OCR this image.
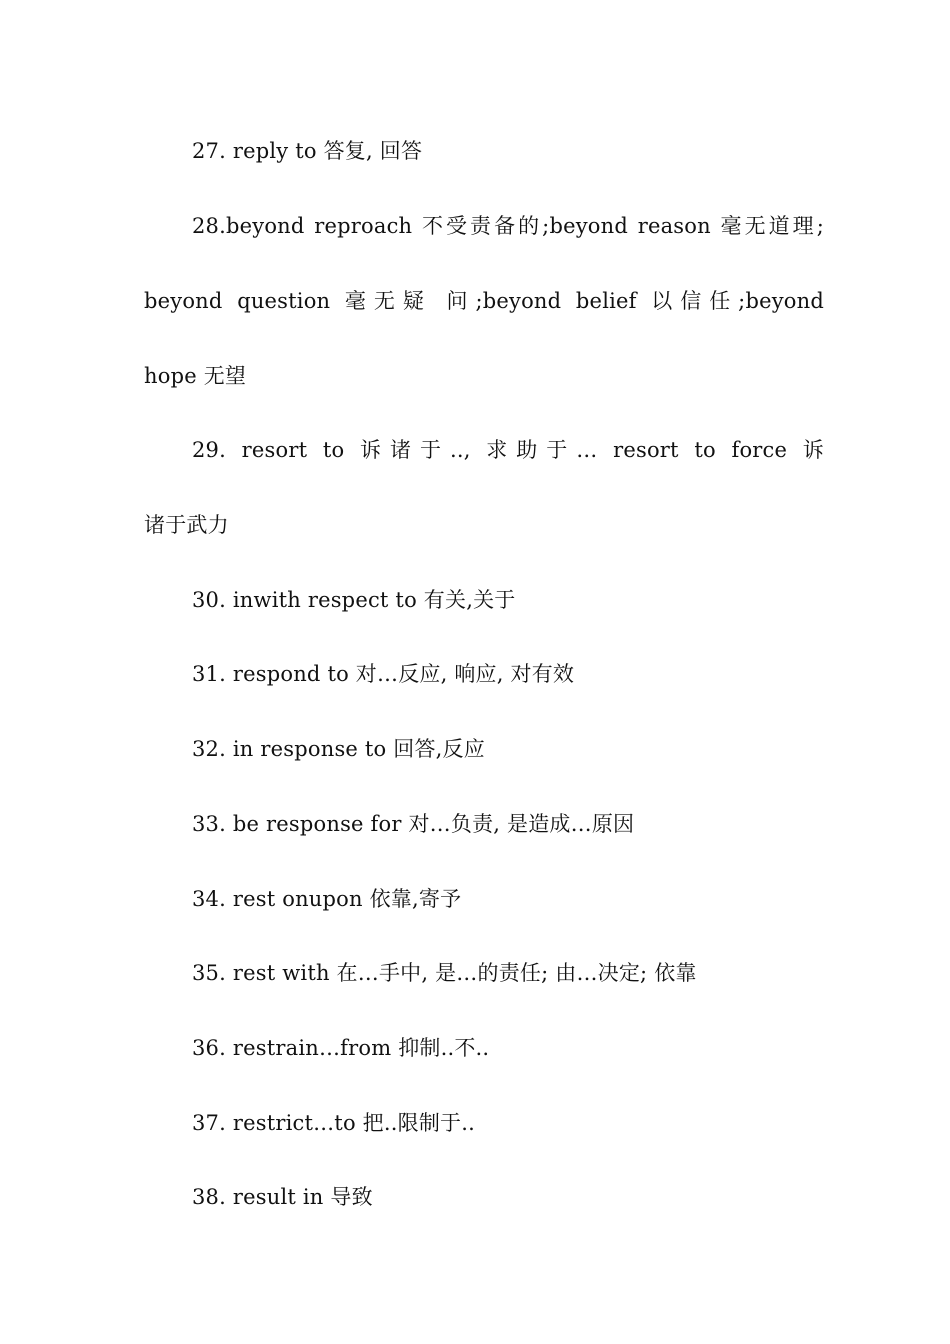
27. reply to 答复, 回答
28.beyond reproach 不受责备的;beyond reason 毫无道理;
beyond question 毫无疑 问;beyond belief 以信任;beyond
hope 无望
29. resort to 诉诸于.., 求助于… resort to force 诉
诸于武力
30. inwith respect to 有关,关于
31. respond to 对…反应, 响应, 对有效
32. in response to 回答,反应
33. be response for 对…负责, 是造成…原因
34. rest onupon 依靠,寄予
35. rest with 在…手中, 是…的责任; 由…决定; 依靠
36. restrain…from 抑制..不..
37. restrict…to 把..限制于..
38. result in 导致
